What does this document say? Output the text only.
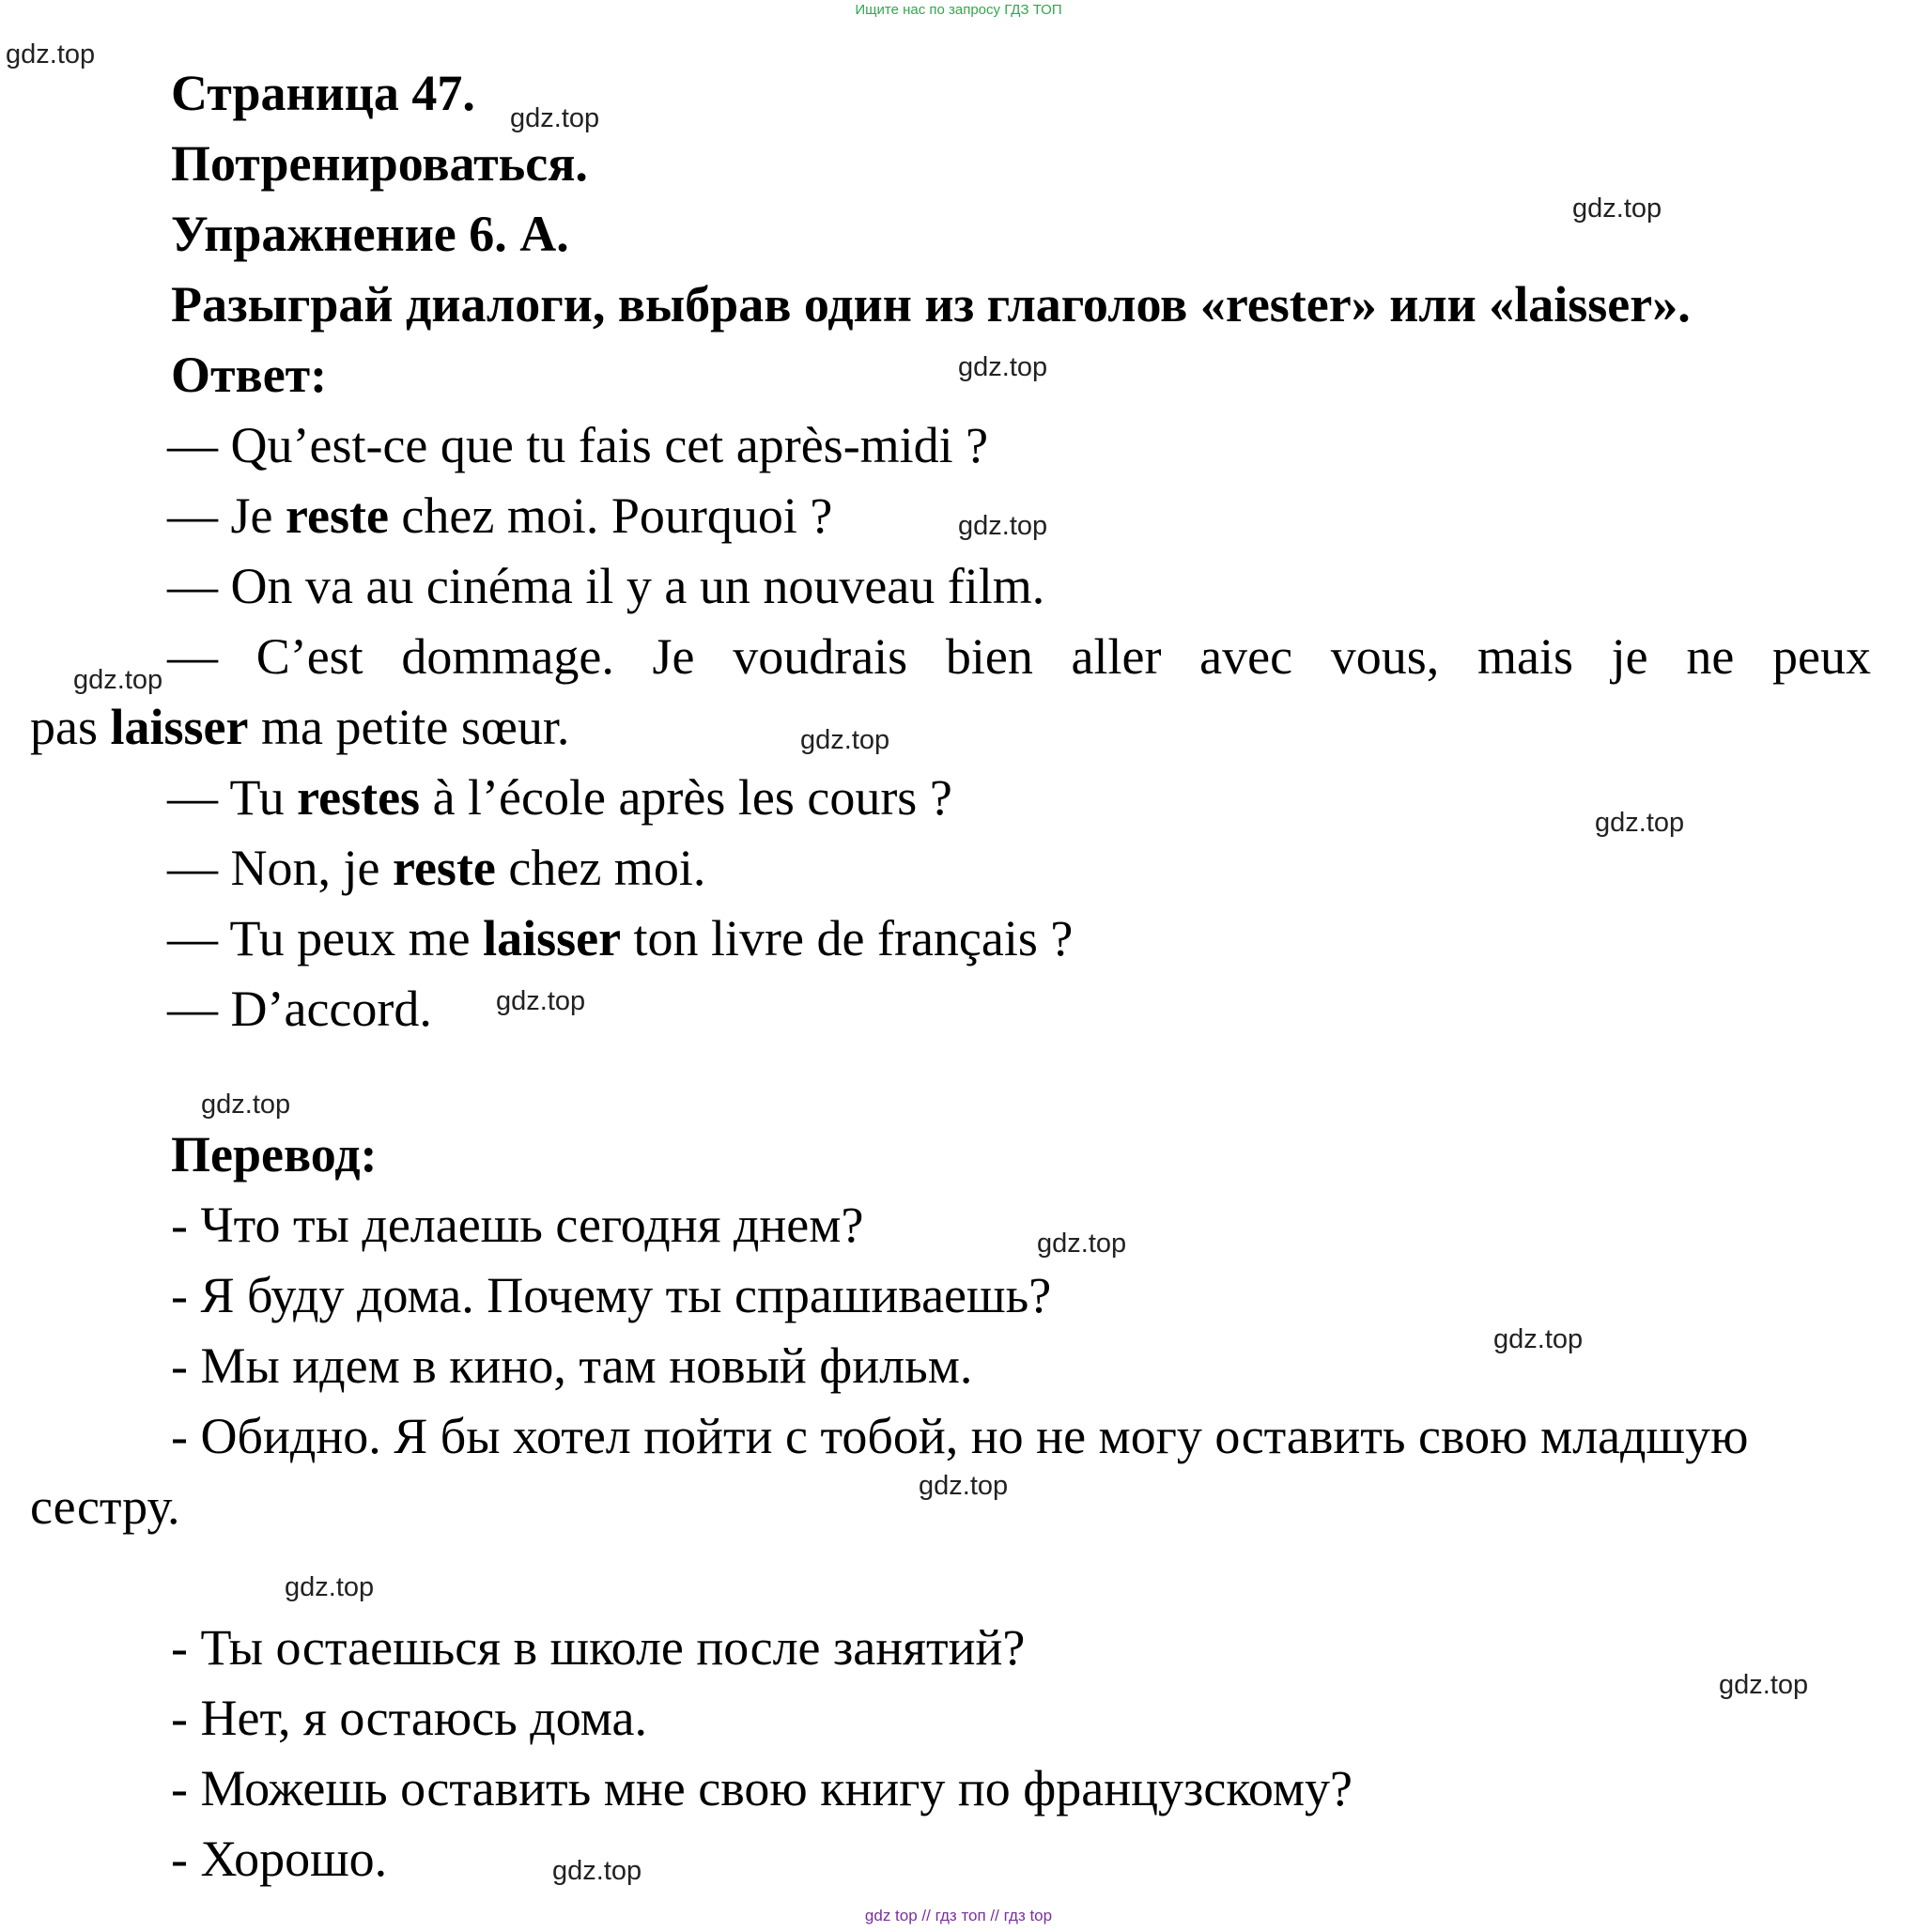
Ищите нас по запросу ГДЗ ТОП
gdz.top
gdz.top
gdz.top
gdz.top
gdz.top
gdz.top
gdz.top
gdz.top
gdz.top
gdz.top
gdz.top
gdz.top
gdz.top
gdz.top
gdz.top
gdz.top
Страница 47.
Потренироваться.
Упражнение 6. А.
Разыграй диалоги, выбрав один из глаголов «rester» или «laisser».
Ответ:
— Qu’est-ce que tu fais cet après-midi ?
— Je reste chez moi. Pourquoi ?
— On va au cinéma il y a un nouveau film.
— C’est dommage. Je voudrais bien aller avec vous, mais je ne peux
pas laisser ma petite sœur.
— Tu restes à l’école après les cours ?
— Non, je reste chez moi.
— Tu peux me laisser ton livre de français ?
— D’accord.
Перевод:
- Что ты делаешь сегодня днем?
- Я буду дома. Почему ты спрашиваешь?
- Мы идем в кино, там новый фильм.
- Обидно. Я бы хотел пойти с тобой, но не могу оставить свою младшую
сестру.
- Ты остаешься в школе после занятий?
- Нет, я остаюсь дома.
- Можешь оставить мне свою книгу по французскому?
- Хорошо.
gdz top // гдз топ // гдз top
